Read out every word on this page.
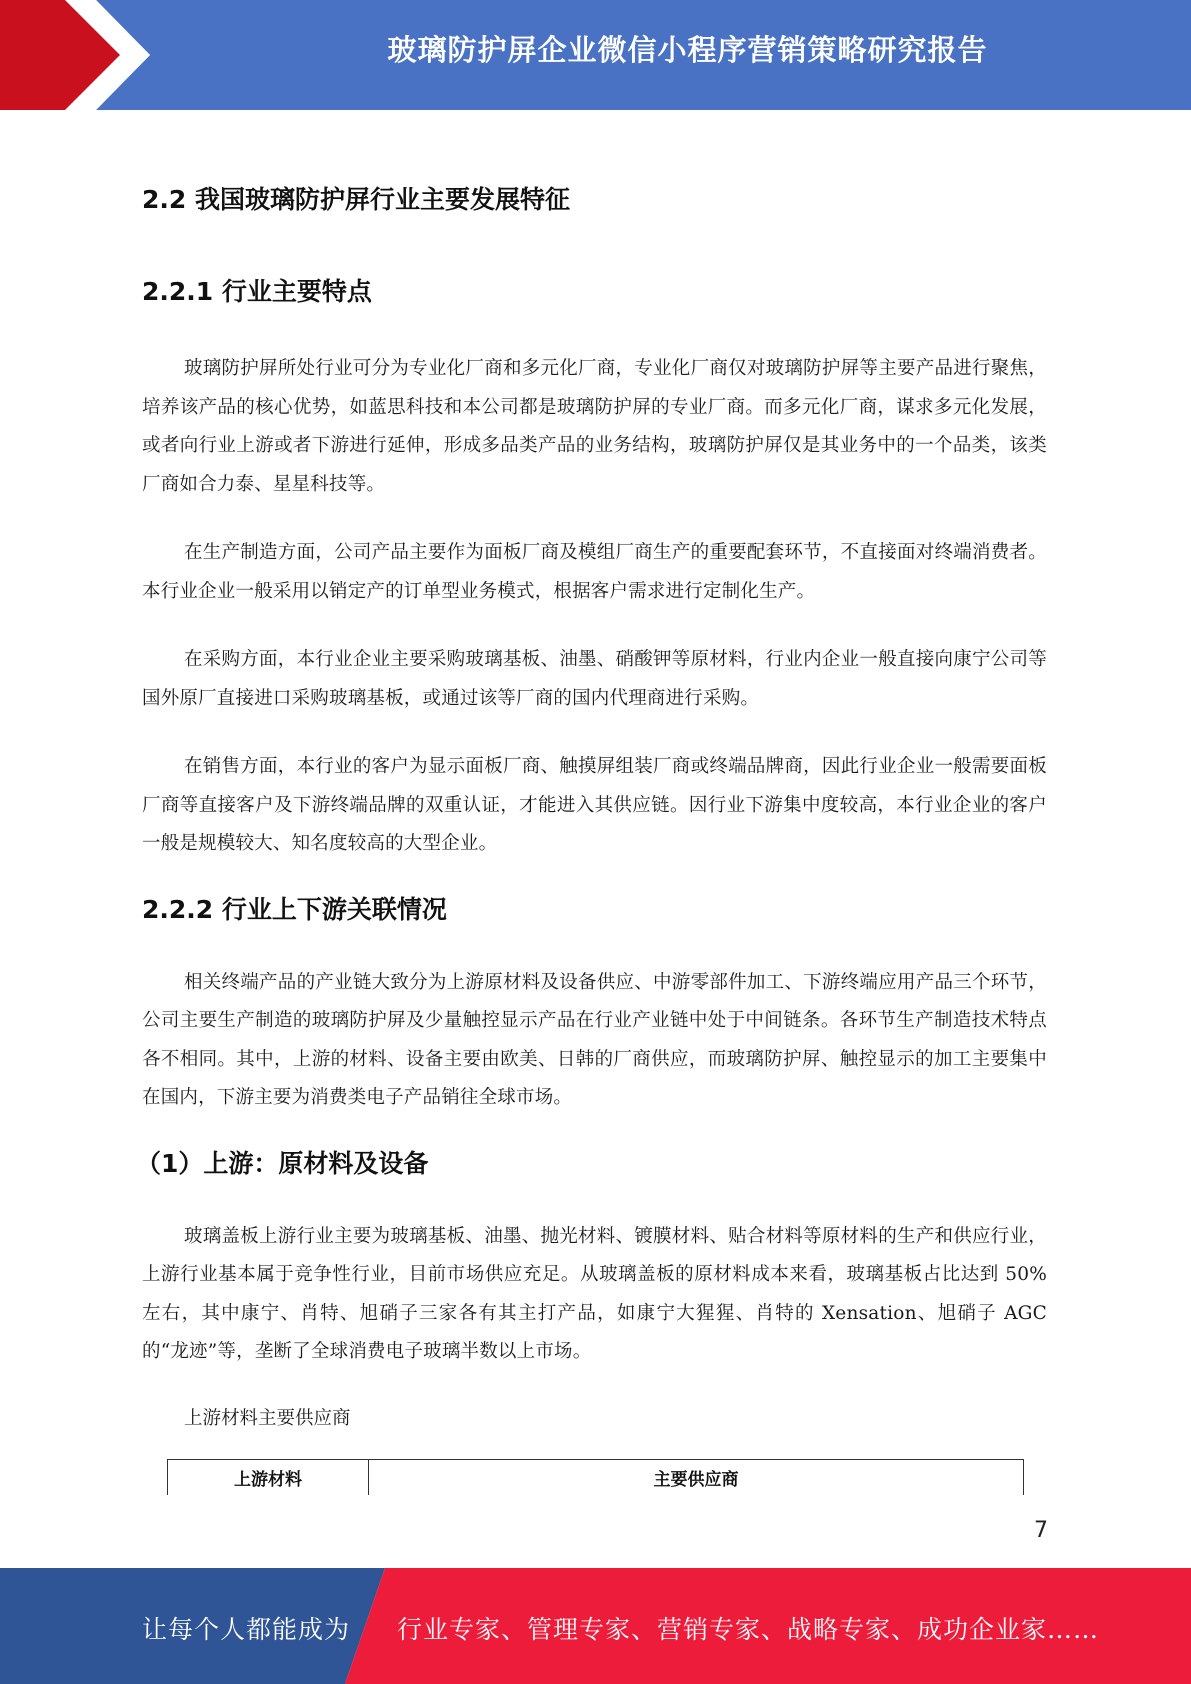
玻璃防护屏企业微信小程序营销策略研究报告
2.2 我国玻璃防护屏行业主要发展特征
2.2.1 行业主要特点

玻璃防护屏所处行业可分为专业化厂商和多元化厂商，专业化厂商仅对玻璃防护屏等主要产品进行聚焦，培养该产品的核心优势，如蓝思科技和本公司都是玻璃防护屏的专业厂商。而多元化厂商，谋求多元化发展，或者向行业上游或者下游进行延伸，形成多品类产品的业务结构，玻璃防护屏仅是其业务中的一个品类，该类厂商如合力泰、星星科技等。

在生产制造方面，公司产品主要作为面板厂商及模组厂商生产的重要配套环节，不直接面对终端消费者。本行业企业一般采用以销定产的订单型业务模式，根据客户需求进行定制化生产。

在采购方面，本行业企业主要采购玻璃基板、油墨、硝酸钾等原材料，行业内企业一般直接向康宁公司等国外原厂直接进口采购玻璃基板，或通过该等厂商的国内代理商进行采购。

在销售方面，本行业的客户为显示面板厂商、触摸屏组装厂商或终端品牌商，因此行业企业一般需要面板厂商等直接客户及下游终端品牌的双重认证，才能进入其供应链。因行业下游集中度较高，本行业企业的客户一般是规模较大、知名度较高的大型企业。

2.2.2 行业上下游关联情况

相关终端产品的产业链大致分为上游原材料及设备供应、中游零部件加工、下游终端应用产品三个环节，公司主要生产制造的玻璃防护屏及少量触控显示产品在行业产业链中处于中间链条。各环节生产制造技术特点各不相同。其中，上游的材料、设备主要由欧美、日韩的厂商供应，而玻璃防护屏、触控显示的加工主要集中在国内，下游主要为消费类电子产品销往全球市场。

（1）上游：原材料及设备

玻璃盖板上游行业主要为玻璃基板、油墨、抛光材料、镀膜材料、贴合材料等原材料的生产和供应行业，上游行业基本属于竞争性行业，目前市场供应充足。从玻璃盖板的原材料成本来看，玻璃基板占比达到 50%左右，其中康宁、肖特、旭硝子三家各有其主打产品，如康宁大猩猩、肖特的 Xensation、旭硝子 AGC 的“龙迹”等，垄断了全球消费电子玻璃半数以上市场。

上游材料主要供应商

上游材料	主要供应商
7
让每个人都能成为 行业专家、管理专家、营销专家、战略专家、成功企业家……
